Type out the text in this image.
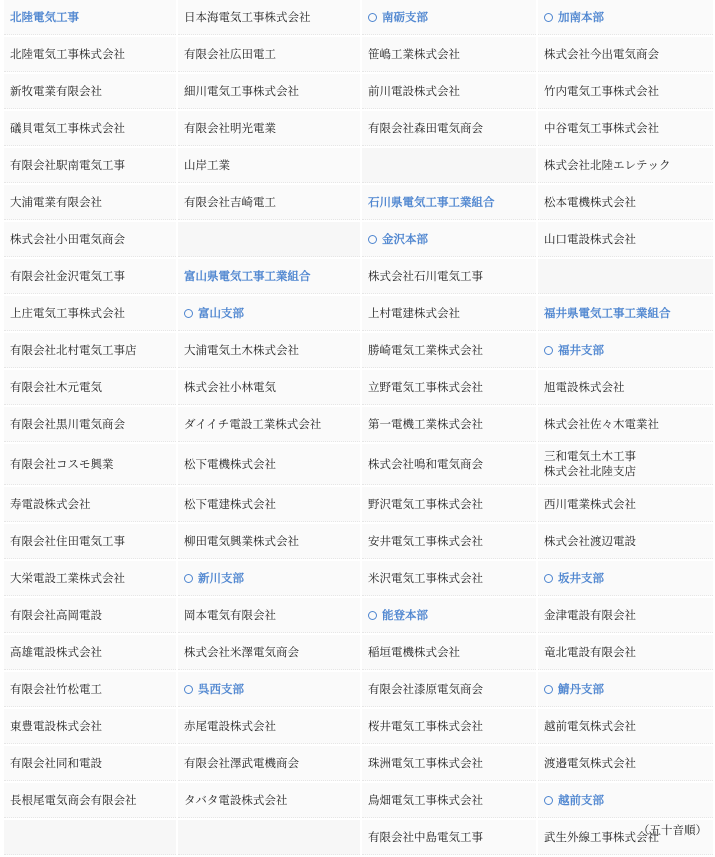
北陸電気工事	日本海電気工事株式会社	南砺支部	加南本部
北陸電気工事株式会社	有限会社広田電工	笹嶋工業株式会社	株式会社今出電気商会
新牧電業有限会社	細川電気工事株式会社	前川電設株式会社	竹内電気工事株式会社
礒貝電気工事株式会社	有限会社明光電業	有限会社森田電気商会	中谷電気工事株式会社
有限会社駅南電気工事	山岸工業		株式会社北陸エレテック
大浦電業有限会社	有限会社吉崎電工	石川県電気工事工業組合	松本電機株式会社
株式会社小田電気商会		金沢本部	山口電設株式会社
有限会社金沢電気工事	富山県電気工事工業組合	株式会社石川電気工事	
上庄電気工事株式会社	富山支部	上村電建株式会社	福井県電気工事工業組合
有限会社北村電気工事店	大浦電気土木株式会社	勝崎電気工業株式会社	福井支部
有限会社木元電気	株式会社小林電気	立野電気工事株式会社	旭電設株式会社
有限会社黒川電気商会	ダイイチ電設工業株式会社	第一電機工業株式会社	株式会社佐々木電業社
有限会社コスモ興業	松下電機株式会社	株式会社鳴和電気商会	三和電気土木工事
株式会社北陸支店
寿電設株式会社	松下電建株式会社	野沢電気工事株式会社	西川電業株式会社
有限会社住田電気工事	柳田電気興業株式会社	安井電気工事株式会社	株式会社渡辺電設
大栄電設工業株式会社	新川支部	米沢電気工事株式会社	坂井支部
有限会社高岡電設	岡本電気有限会社	能登本部	金津電設有限会社
高雄電設株式会社	株式会社米澤電気商会	稲垣電機株式会社	竜北電設有限会社
有限会社竹松電工	呉西支部	有限会社漆原電気商会	鯖丹支部
東豊電設株式会社	赤尾電設株式会社	桜井電気工事株式会社	越前電気株式会社
有限会社同和電設	有限会社澤武電機商会	珠洲電気工事株式会社	渡邉電気株式会社
長根尾電気商会有限会社	タバタ電設株式会社	鳥畑電気工事株式会社	越前支部
		有限会社中島電気工事	武生外線工事株式会社
（五十音順）
